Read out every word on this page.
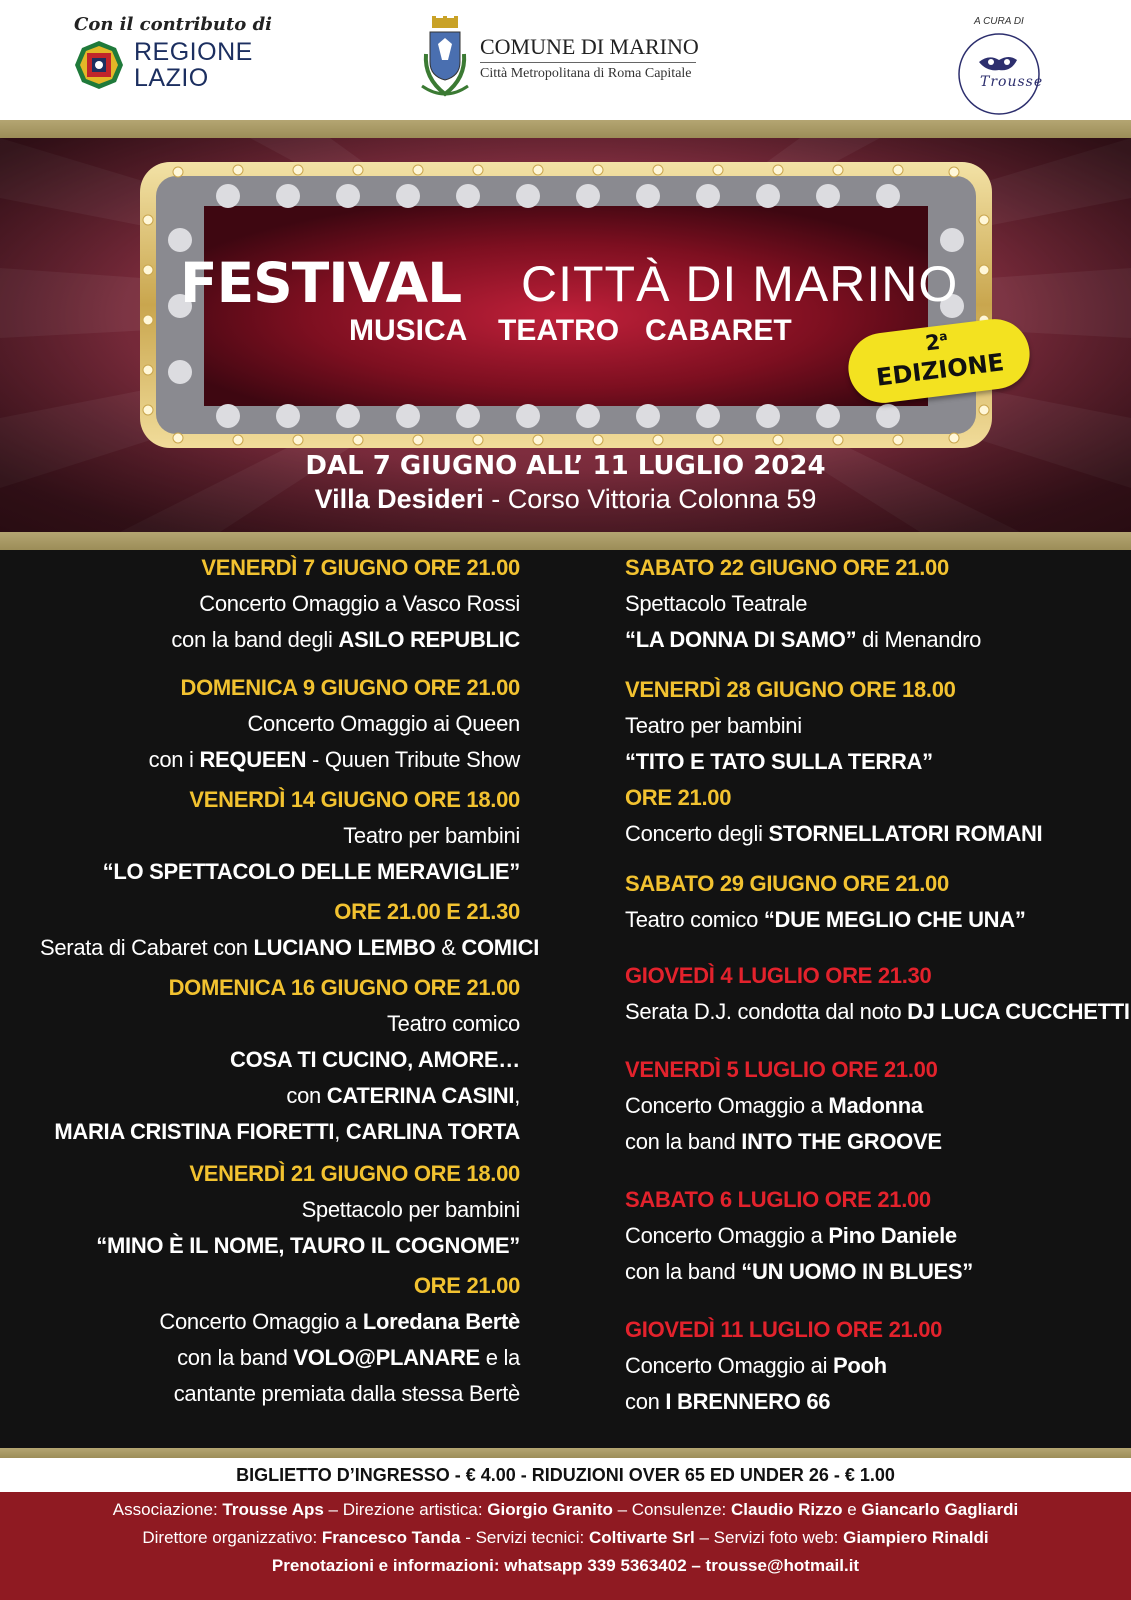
Con il contributo di
REGIONE
LAZIO
COMUNE DI MARINO
Città Metropolitana di Roma Capitale
A CURA DI
Trousse
FESTIVAL CITTÀ DI MARINO
MUSICA TEATRO CABARET	2$^a$
EDIZIONE
DAL 7 GIUGNO ALL’ 11 LUGLIO 2024
Villa Desideri - Corso Vittoria Colonna 59
VENERDÌ 7 GIUGNO ORE 21.00
Concerto Omaggio a Vasco Rossi
con la band degli ASILO REPUBLIC
DOMENICA 9 GIUGNO ORE 21.00
Concerto Omaggio ai Queen
con i REQUEEN - Quuen Tribute Show
VENERDÌ 14 GIUGNO ORE 18.00
Teatro per bambini
“LO SPETTACOLO DELLE MERAVIGLIE”
ORE 21.00 E 21.30
Serata di Cabaret con LUCIANO LEMBO & COMICI
DOMENICA 16 GIUGNO ORE 21.00
Teatro comico
COSA TI CUCINO, AMORE…
con CATERINA CASINI,
MARIA CRISTINA FIORETTI, CARLINA TORTA
VENERDÌ 21 GIUGNO ORE 18.00
Spettacolo per bambini
“MINO È IL NOME, TAURO IL COGNOME”
ORE 21.00
Concerto Omaggio a Loredana Bertè
con la band VOLO@PLANARE e la
cantante premiata dalla stessa Bertè
SABATO 22 GIUGNO ORE 21.00
Spettacolo Teatrale
“LA DONNA DI SAMO” di Menandro
VENERDÌ 28 GIUGNO ORE 18.00
Teatro per bambini
“TITO E TATO SULLA TERRA”
ORE 21.00
Concerto degli STORNELLATORI ROMANI
SABATO 29 GIUGNO ORE 21.00
Teatro comico “DUE MEGLIO CHE UNA”
GIOVEDÌ 4 LUGLIO ORE 21.30
Serata D.J. condotta dal noto DJ LUCA CUCCHETTI
VENERDÌ 5 LUGLIO ORE 21.00
Concerto Omaggio a Madonna
con la band INTO THE GROOVE
SABATO 6 LUGLIO ORE 21.00
Concerto Omaggio a Pino Daniele
con la band “UN UOMO IN BLUES”
GIOVEDÌ 11 LUGLIO ORE 21.00
Concerto Omaggio ai Pooh
con I BRENNERO 66
BIGLIETTO D’INGRESSO - € 4.00 - RIDUZIONI OVER 65 ED UNDER 26 - € 1.00
Associazione: Trousse Aps – Direzione artistica: Giorgio Granito – Consulenze: Claudio Rizzo e Giancarlo Gagliardi
Direttore organizzativo: Francesco Tanda - Servizi tecnici: Coltivarte Srl – Servizi foto web: Giampiero Rinaldi
Prenotazioni e informazioni: whatsapp 339 5363402 – trousse@hotmail.it
